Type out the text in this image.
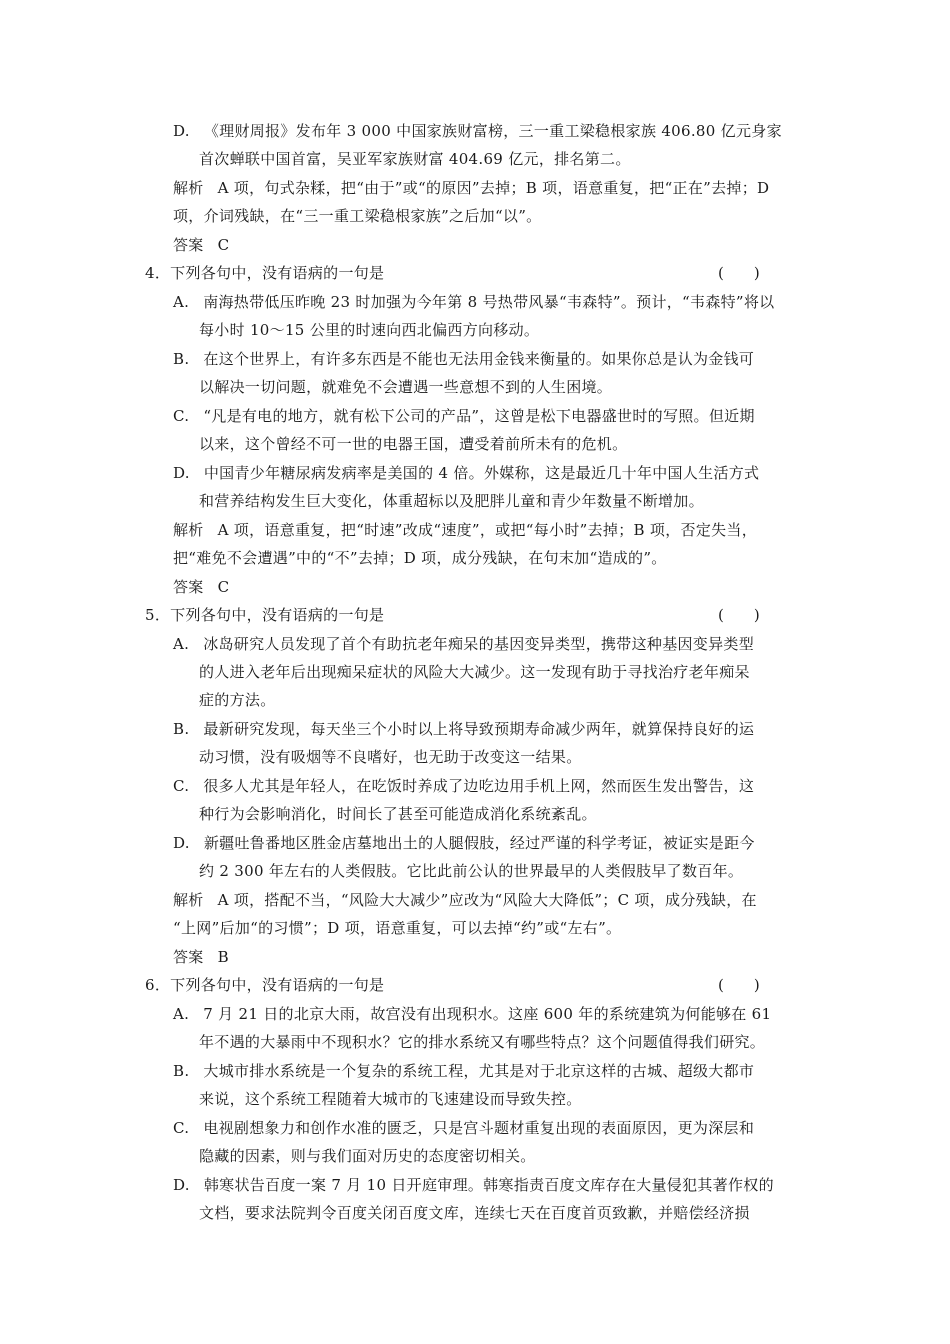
D. 《理财周报》发布年 3 000 中国家族财富榜，三一重工梁稳根家族 406.80 亿元身家
首次蝉联中国首富，吴亚军家族财富 404.69 亿元，排名第二。
解析 A 项，句式杂糅，把“由于”或“的原因”去掉；B 项，语意重复，把“正在”去掉；D
项，介词残缺，在“三一重工梁稳根家族”之后加“以”。
答案 C
4．下列各句中，没有语病的一句是	(　　)
A. 南海热带低压昨晚 23 时加强为今年第 8 号热带风暴“韦森特”。预计，“韦森特”将以
每小时 10～15 公里的时速向西北偏西方向移动。
B. 在这个世界上，有许多东西是不能也无法用金钱来衡量的。如果你总是认为金钱可
以解决一切问题，就难免不会遭遇一些意想不到的人生困境。
C. “凡是有电的地方，就有松下公司的产品”，这曾是松下电器盛世时的写照。但近期
以来，这个曾经不可一世的电器王国，遭受着前所未有的危机。
D. 中国青少年糖尿病发病率是美国的 4 倍。外媒称，这是最近几十年中国人生活方式
和营养结构发生巨大变化，体重超标以及肥胖儿童和青少年数量不断增加。
解析 A 项，语意重复，把“时速”改成“速度”，或把“每小时”去掉；B 项，否定失当，
把“难免不会遭遇”中的“不”去掉；D 项，成分残缺，在句末加“造成的”。
答案 C
5．下列各句中，没有语病的一句是	(　　)
A. 冰岛研究人员发现了首个有助抗老年痴呆的基因变异类型，携带这种基因变异类型
的人进入老年后出现痴呆症状的风险大大减少。这一发现有助于寻找治疗老年痴呆
症的方法。
B. 最新研究发现，每天坐三个小时以上将导致预期寿命减少两年，就算保持良好的运
动习惯，没有吸烟等不良嗜好，也无助于改变这一结果。
C. 很多人尤其是年轻人，在吃饭时养成了边吃边用手机上网，然而医生发出警告，这
种行为会影响消化，时间长了甚至可能造成消化系统紊乱。
D. 新疆吐鲁番地区胜金店墓地出土的人腿假肢，经过严谨的科学考证，被证实是距今
约 2 300 年左右的人类假肢。它比此前公认的世界最早的人类假肢早了数百年。
解析 A 项，搭配不当，“风险大大减少”应改为“风险大大降低”；C 项，成分残缺，在
“上网”后加“的习惯”；D 项，语意重复，可以去掉“约”或“左右”。
答案 B
6．下列各句中，没有语病的一句是	(　　)
A. 7 月 21 日的北京大雨，故宫没有出现积水。这座 600 年的系统建筑为何能够在 61
年不遇的大暴雨中不现积水？它的排水系统又有哪些特点？这个问题值得我们研究。
B. 大城市排水系统是一个复杂的系统工程，尤其是对于北京这样的古城、超级大都市
来说，这个系统工程随着大城市的飞速建设而导致失控。
C. 电视剧想象力和创作水准的匮乏，只是宫斗题材重复出现的表面原因，更为深层和
隐藏的因素，则与我们面对历史的态度密切相关。
D. 韩寒状告百度一案 7 月 10 日开庭审理。韩寒指责百度文库存在大量侵犯其著作权的
文档，要求法院判令百度关闭百度文库，连续七天在百度首页致歉，并赔偿经济损
